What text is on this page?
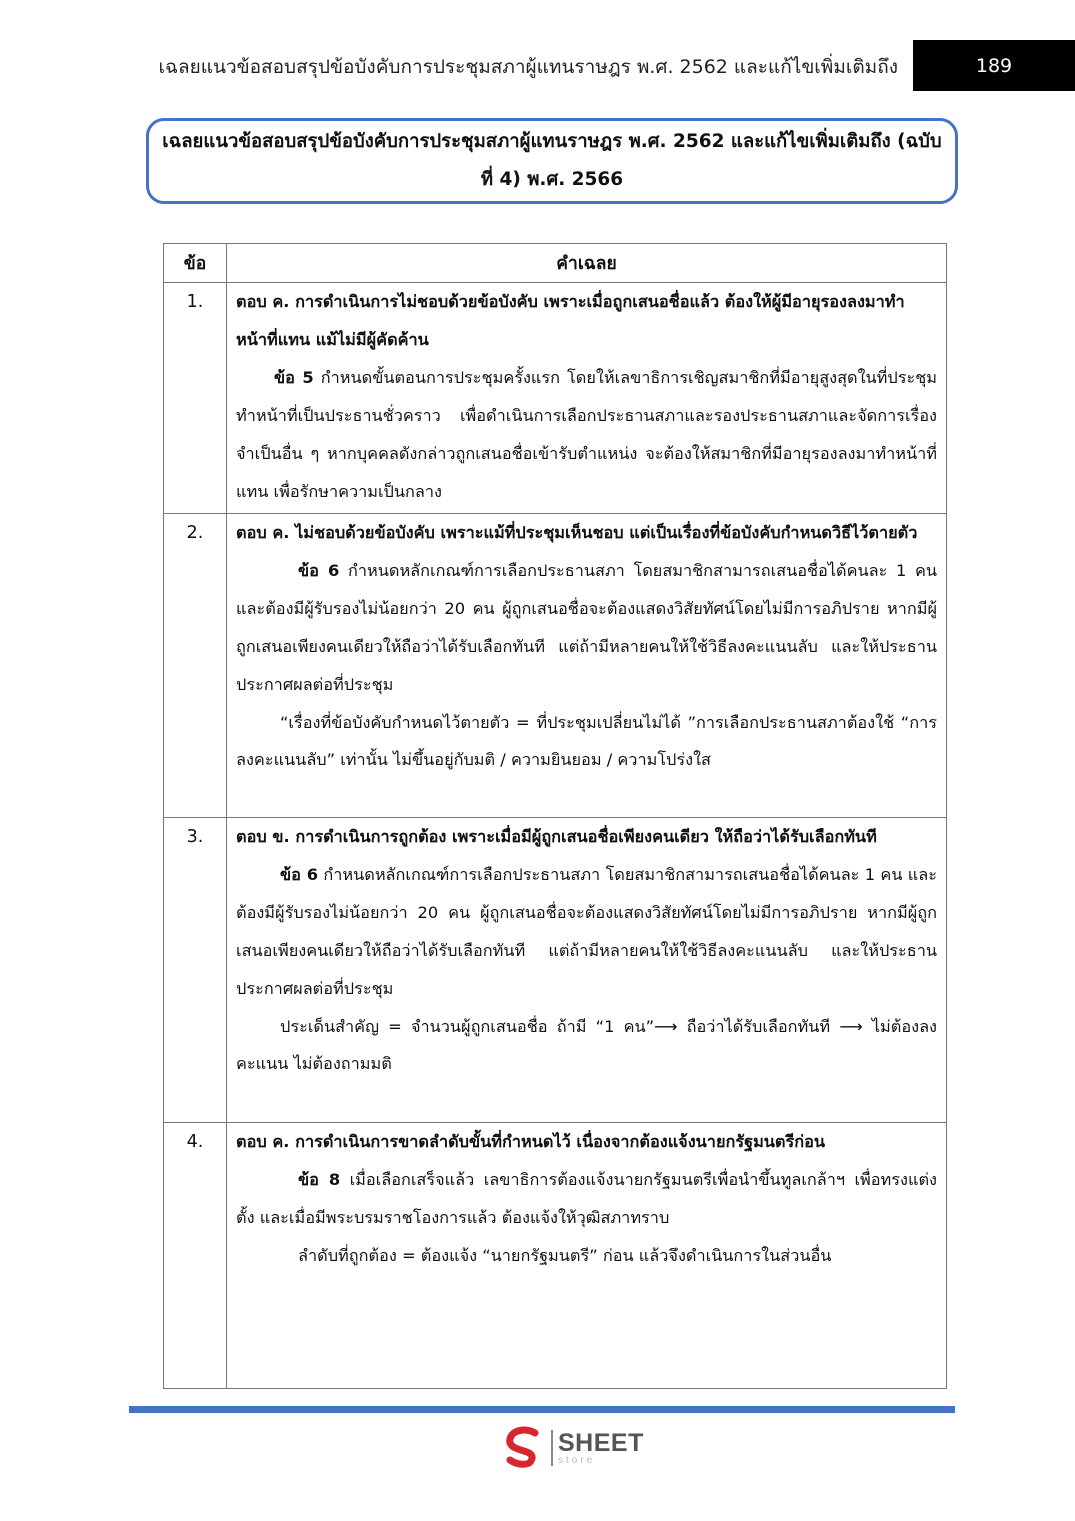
เฉลยแนวข้อสอบสรุปข้อบังคับการประชุมสภาผู้แทนราษฎร พ.ศ. 2562 และแก้ไขเพิ่มเติมถึง	189
เฉลยแนวข้อสอบสรุปข้อบังคับการประชุมสภาผู้แทนราษฎร พ.ศ. 2562 และแก้ไขเพิ่มเติมถึง (ฉบับที่ 4) พ.ศ. 2566
ข้อ	คำเฉลย
1.	ตอบ ค. การดำเนินการไม่ชอบด้วยข้อบังคับ เพราะเมื่อถูกเสนอชื่อแล้ว ต้องให้ผู้มีอายุรองลงมาทำหน้าที่แทน แม้ไม่มีผู้คัดค้าน
ข้อ 5 กำหนดขั้นตอนการประชุมครั้งแรก โดยให้เลขาธิการเชิญสมาชิกที่มีอายุสูงสุดในที่ประชุมทำหน้าที่เป็นประธานชั่วคราว เพื่อดำเนินการเลือกประธานสภาและรองประธานสภาและจัดการเรื่องจำเป็นอื่น ๆ หากบุคคลดังกล่าวถูกเสนอชื่อเข้ารับตำแหน่ง จะต้องให้สมาชิกที่มีอายุรองลงมาทำหน้าที่แทน เพื่อรักษาความเป็นกลาง

2.	ตอบ ค. ไม่ชอบด้วยข้อบังคับ เพราะแม้ที่ประชุมเห็นชอบ แต่เป็นเรื่องที่ข้อบังคับกำหนดวิธีไว้ตายตัว
ข้อ 6 กำหนดหลักเกณฑ์การเลือกประธานสภา โดยสมาชิกสามารถเสนอชื่อได้คนละ 1 คน และต้องมีผู้รับรองไม่น้อยกว่า 20 คน ผู้ถูกเสนอชื่อจะต้องแสดงวิสัยทัศน์โดยไม่มีการอภิปราย หากมีผู้ถูกเสนอเพียงคนเดียวให้ถือว่าได้รับเลือกทันที แต่ถ้ามีหลายคนให้ใช้วิธีลงคะแนนลับ และให้ประธานประกาศผลต่อที่ประชุม
“เรื่องที่ข้อบังคับกำหนดไว้ตายตัว = ที่ประชุมเปลี่ยนไม่ได้ ”การเลือกประธานสภาต้องใช้ “การลงคะแนนลับ” เท่านั้น ไม่ขึ้นอยู่กับมติ / ความยินยอม / ความโปร่งใส

3.	ตอบ ข. การดำเนินการถูกต้อง เพราะเมื่อมีผู้ถูกเสนอชื่อเพียงคนเดียว ให้ถือว่าได้รับเลือกทันที
ข้อ 6 กำหนดหลักเกณฑ์การเลือกประธานสภา โดยสมาชิกสามารถเสนอชื่อได้คนละ 1 คน และต้องมีผู้รับรองไม่น้อยกว่า 20 คน ผู้ถูกเสนอชื่อจะต้องแสดงวิสัยทัศน์โดยไม่มีการอภิปราย หากมีผู้ถูกเสนอเพียงคนเดียวให้ถือว่าได้รับเลือกทันที แต่ถ้ามีหลายคนให้ใช้วิธีลงคะแนนลับ และให้ประธานประกาศผลต่อที่ประชุม
ประเด็นสำคัญ = จำนวนผู้ถูกเสนอชื่อ ถ้ามี “1 คน”⟶ ถือว่าได้รับเลือกทันที ⟶ ไม่ต้องลงคะแนน ไม่ต้องถามมติ

4.	ตอบ ค. การดำเนินการขาดลำดับขั้นที่กำหนดไว้ เนื่องจากต้องแจ้งนายกรัฐมนตรีก่อน
ข้อ 8 เมื่อเลือกเสร็จแล้ว เลขาธิการต้องแจ้งนายกรัฐมนตรีเพื่อนำขึ้นทูลเกล้าฯ เพื่อทรงแต่งตั้ง และเมื่อมีพระบรมราชโองการแล้ว ต้องแจ้งให้วุฒิสภาทราบ
ลำดับที่ถูกต้อง = ต้องแจ้ง “นายกรัฐมนตรี” ก่อน แล้วจึงดำเนินการในส่วนอื่น
SHEET
store
